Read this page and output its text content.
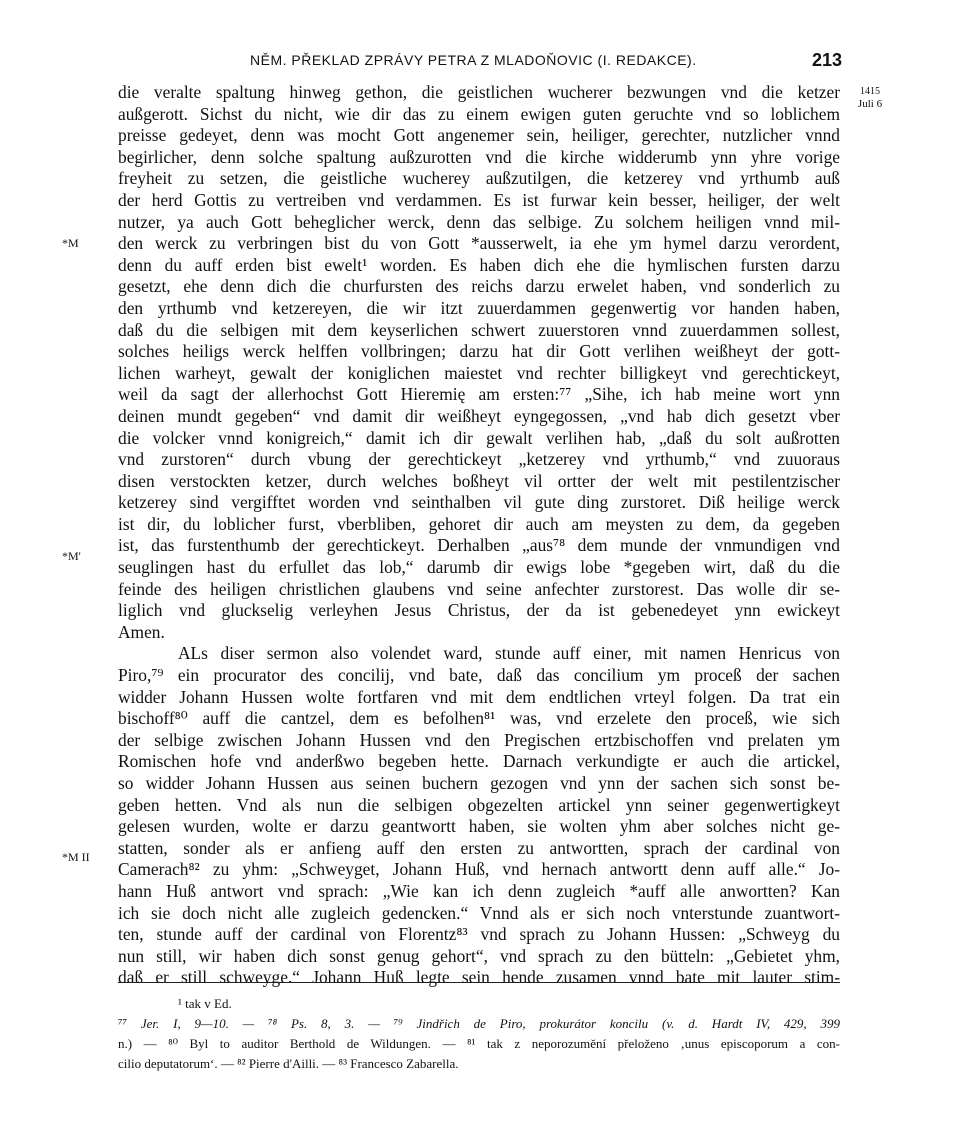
NĚM. PŘEKLAD ZPRÁVY PETRA Z MLADOŇOVIC (I. REDAKCE).	213
1415
Juli 6
*M
*M'
*M II
die veralte spaltung hinweg gethon, die geistlichen wucherer bezwungen vnd die ketzer
außgerott. Sichst du nicht, wie dir das zu einem ewigen guten geruchte vnd so loblichem
preisse gedeyet, denn was mocht Gott angenemer sein, heiliger, gerechter, nutzlicher vnnd
begirlicher, denn solche spaltung außzurotten vnd die kirche widderumb ynn yhre vorige
freyheit zu setzen, die geistliche wucherey außzutilgen, die ketzerey vnd yrthumb auß
der herd Gottis zu vertreiben vnd verdammen. Es ist furwar kein besser, heiliger, der welt
nutzer, ya auch Gott beheglicher werck, denn das selbige. Zu solchem heiligen vnnd mil-
den werck zu verbringen bist du von Gott *ausserwelt, ia ehe ym hymel darzu verordent,
denn du auff erden bist ewelt¹ worden. Es haben dich ehe die hymlischen fursten darzu
gesetzt, ehe denn dich die churfursten des reichs darzu erwelet haben, vnd sonderlich zu
den yrthumb vnd ketzereyen, die wir itzt zuuerdammen gegenwertig vor handen haben,
daß du die selbigen mit dem keyserlichen schwert zuuerstoren vnnd zuuerdammen sollest,
solches heiligs werck helffen vollbringen; darzu hat dir Gott verlihen weißheyt der gott-
lichen warheyt, gewalt der koniglichen maiestet vnd rechter billigkeyt vnd gerechtickeyt,
weil da sagt der allerhochst Gott Hieremię am ersten:⁷⁷ „Sihe, ich hab meine wort ynn
deinen mundt gegeben“ vnd damit dir weißheyt eyngegossen, „vnd hab dich gesetzt vber
die volcker vnnd konigreich,“ damit ich dir gewalt verlihen hab, „daß du solt außrotten
vnd zurstoren“ durch vbung der gerechtickeyt „ketzerey vnd yrthumb,“ vnd zuuoraus
disen verstockten ketzer, durch welches boßheyt vil ortter der welt mit pestilentzischer
ketzerey sind vergifftet worden vnd seinthalben vil gute ding zurstoret. Diß heilige werck
ist dir, du loblicher furst, vberbliben, gehoret dir auch am meysten zu dem, da gegeben
ist, das furstenthumb der gerechtickeyt. Derhalben „aus⁷⁸ dem munde der vnmundigen vnd
seuglingen hast du erfullet das lob,“ darumb dir ewigs lobe *gegeben wirt, daß du die
feinde des heiligen christlichen glaubens vnd seine anfechter zurstorest. Das wolle dir se-
liglich vnd gluckselig verleyhen Jesus Christus, der da ist gebenedeyet ynn ewickeyt
Amen.
ALs diser sermon also volendet ward, stunde auff einer, mit namen Henricus von
Piro,⁷⁹ ein procurator des concilij, vnd bate, daß das concilium ym proceß der sachen
widder Johann Hussen wolte fortfaren vnd mit dem endtlichen vrteyl folgen. Da trat ein
bischoff⁸⁰ auff die cantzel, dem es befolhen⁸¹ was, vnd erzelete den proceß, wie sich
der selbige zwischen Johann Hussen vnd den Pregischen ertzbischoffen vnd prelaten ym
Romischen hofe vnd anderßwo begeben hette. Darnach verkundigte er auch die artickel,
so widder Johann Hussen aus seinen buchern gezogen vnd ynn der sachen sich sonst be-
geben hetten. Vnd als nun die selbigen obgezelten artickel ynn seiner gegenwertigkeyt
gelesen wurden, wolte er darzu geantwortt haben, sie wolten yhm aber solches nicht ge-
statten, sonder als er anfieng auff den ersten zu antwortten, sprach der cardinal von
Camerach⁸² zu yhm: „Schweyget, Johann Huß, vnd hernach antwortt denn auff alle.“ Jo-
hann Huß antwort vnd sprach: „Wie kan ich denn zugleich *auff alle anwortten? Kan
ich sie doch nicht alle zugleich gedencken.“ Vnnd als er sich noch vnterstunde zuantwort-
ten, stunde auff der cardinal von Florentz⁸³ vnd sprach zu Johann Hussen: „Schweyg du
nun still, wir haben dich sonst genug gehort“, vnd sprach zu den bütteln: „Gebietet yhm,
daß er still schweyge.“ Johann Huß legte sein hende zusamen vnnd bate mit lauter stim-
¹ tak v Ed.
⁷⁷ Jer. I, 9—10. — ⁷⁸ Ps. 8, 3. — ⁷⁹ Jindřich de Piro, prokurátor koncilu (v. d. Hardt IV, 429, 399
n.) — ⁸⁰ Byl to auditor Berthold de Wildungen. — ⁸¹ tak z neporozumění přeloženo ‚unus episcoporum a con-
cilio deputatorum‘. — ⁸² Pierre d'Ailli. — ⁸³ Francesco Zabarella.
